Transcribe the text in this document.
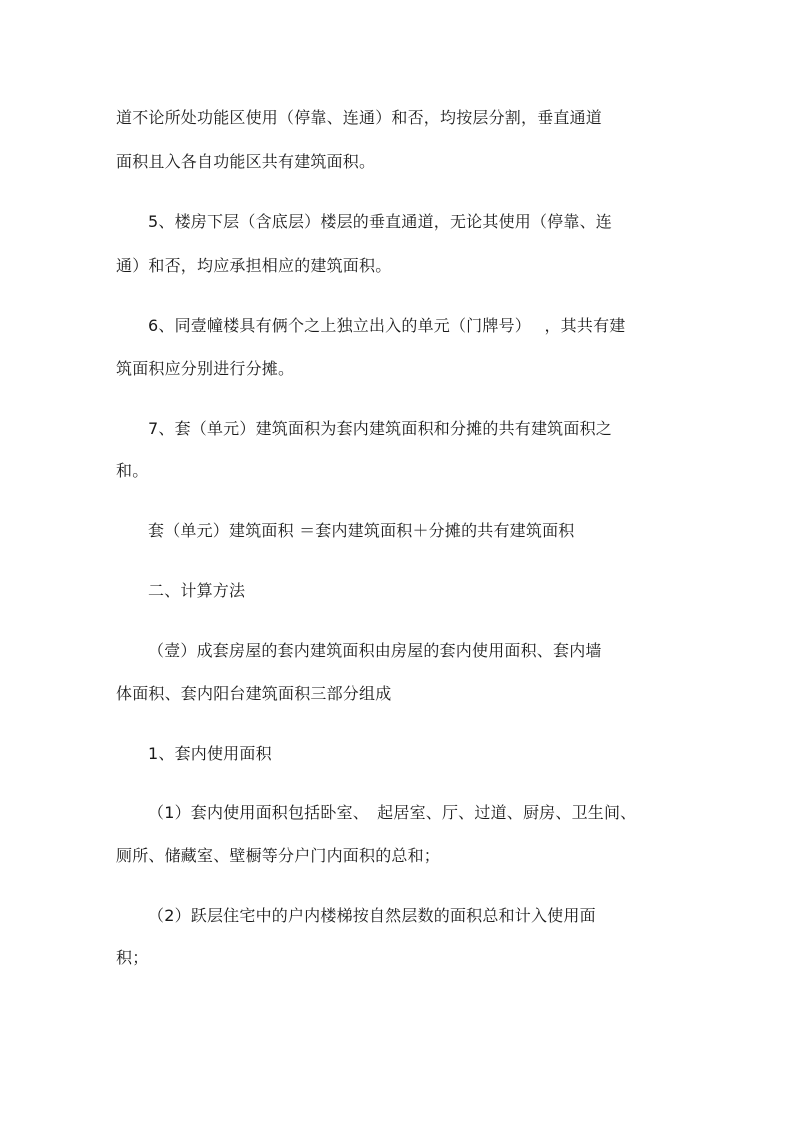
道不论所处功能区使用（停靠、连通）和否，均按层分割，垂直通道
面积且入各自功能区共有建筑面积。
5、楼房下层（含底层）楼层的垂直通道，无论其使用（停靠、连
通）和否，均应承担相应的建筑面积。
6、同壹幢楼具有俩个之上独立出入的单元（门牌号）　 ，其共有建
筑面积应分别进行分摊。
7、套（单元）建筑面积为套内建筑面积和分摊的共有建筑面积之
和。
套（单元）建筑面积 ＝套内建筑面积＋分摊的共有建筑面积
二、计算方法
（壹）成套房屋的套内建筑面积由房屋的套内使用面积、套内墙
体面积、套内阳台建筑面积三部分组成
1、套内使用面积
（1）套内使用面积包括卧室、　起居室、厅、过道、厨房、卫生间、
厕所、储藏室、壁橱等分户门内面积的总和；
（2）跃层住宅中的户内楼梯按自然层数的面积总和计入使用面
积；
